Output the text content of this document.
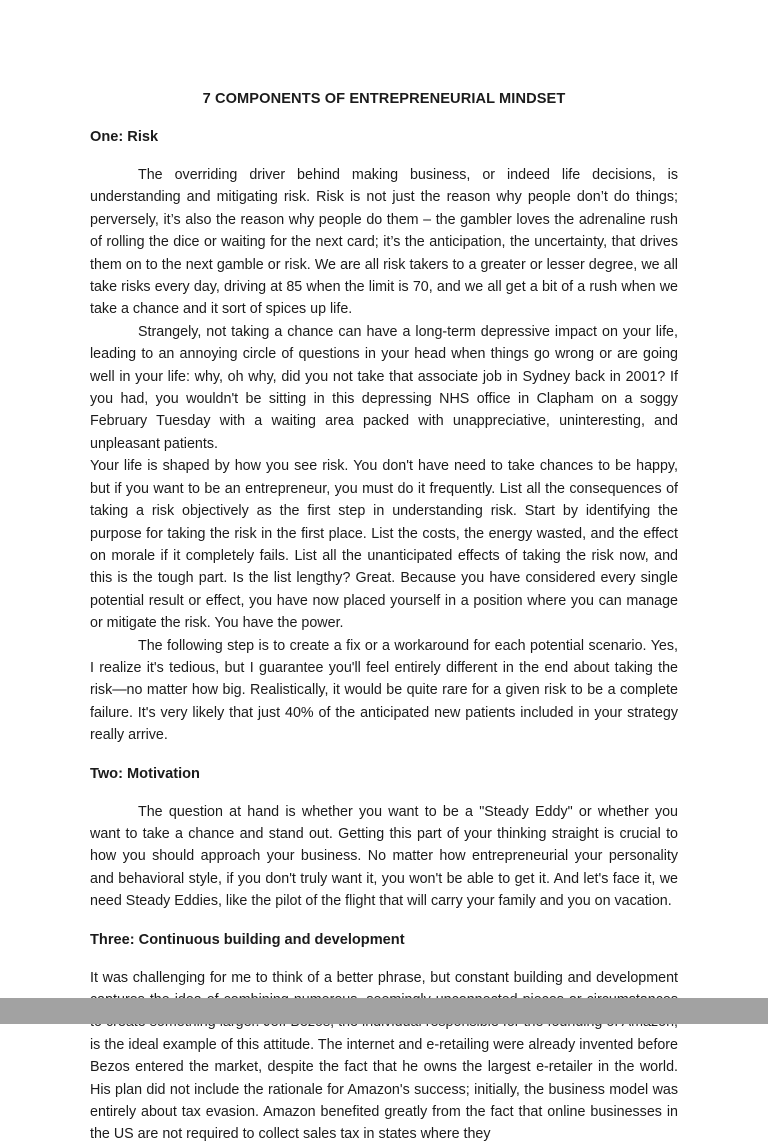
7 COMPONENTS OF ENTREPRENEURIAL MINDSET
One: Risk

The overriding driver behind making business, or indeed life decisions, is understanding and mitigating risk. Risk is not just the reason why people don’t do things; perversely, it’s also the reason why people do them – the gambler loves the adrenaline rush of rolling the dice or waiting for the next card; it’s the anticipation, the uncertainty, that drives them on to the next gamble or risk. We are all risk takers to a greater or lesser degree, we all take risks every day, driving at 85 when the limit is 70, and we all get a bit of a rush when we take a chance and it sort of spices up life.

Strangely, not taking a chance can have a long-term depressive impact on your life, leading to an annoying circle of questions in your head when things go wrong or are going well in your life: why, oh why, did you not take that associate job in Sydney back in 2001? If you had, you wouldn't be sitting in this depressing NHS office in Clapham on a soggy February Tuesday with a waiting area packed with unappreciative, uninteresting, and unpleasant patients.

Your life is shaped by how you see risk. You don't have need to take chances to be happy, but if you want to be an entrepreneur, you must do it frequently. List all the consequences of taking a risk objectively as the first step in understanding risk. Start by identifying the purpose for taking the risk in the first place. List the costs, the energy wasted, and the effect on morale if it completely fails. List all the unanticipated effects of taking the risk now, and this is the tough part. Is the list lengthy? Great. Because you have considered every single potential result or effect, you have now placed yourself in a position where you can manage or mitigate the risk. You have the power.

The following step is to create a fix or a workaround for each potential scenario. Yes, I realize it's tedious, but I guarantee you'll feel entirely different in the end about taking the risk—no matter how big. Realistically, it would be quite rare for a given risk to be a complete failure. It's very likely that just 40% of the anticipated new patients included in your strategy really arrive.

Two: Motivation

The question at hand is whether you want to be a "Steady Eddy" or whether you want to take a chance and stand out. Getting this part of your thinking straight is crucial to how you should approach your business. No matter how entrepreneurial your personality and behavioral style, if you don't truly want it, you won't be able to get it. And let's face it, we need Steady Eddies, like the pilot of the flight that will carry your family and you on vacation.

Three: Continuous building and development

It was challenging for me to think of a better phrase, but constant building and development is the ideal example of this attitude. The internet and e-retailing were already invented before Bezos entered the market, despite the fact that he owns the largest e-retailer in the world. His plan did not include the rationale for Amazon's success; initially, the business model was entirely about tax evasion. Amazon benefited greatly from the fact that online businesses in the US are not required to collect sales tax in states where they
